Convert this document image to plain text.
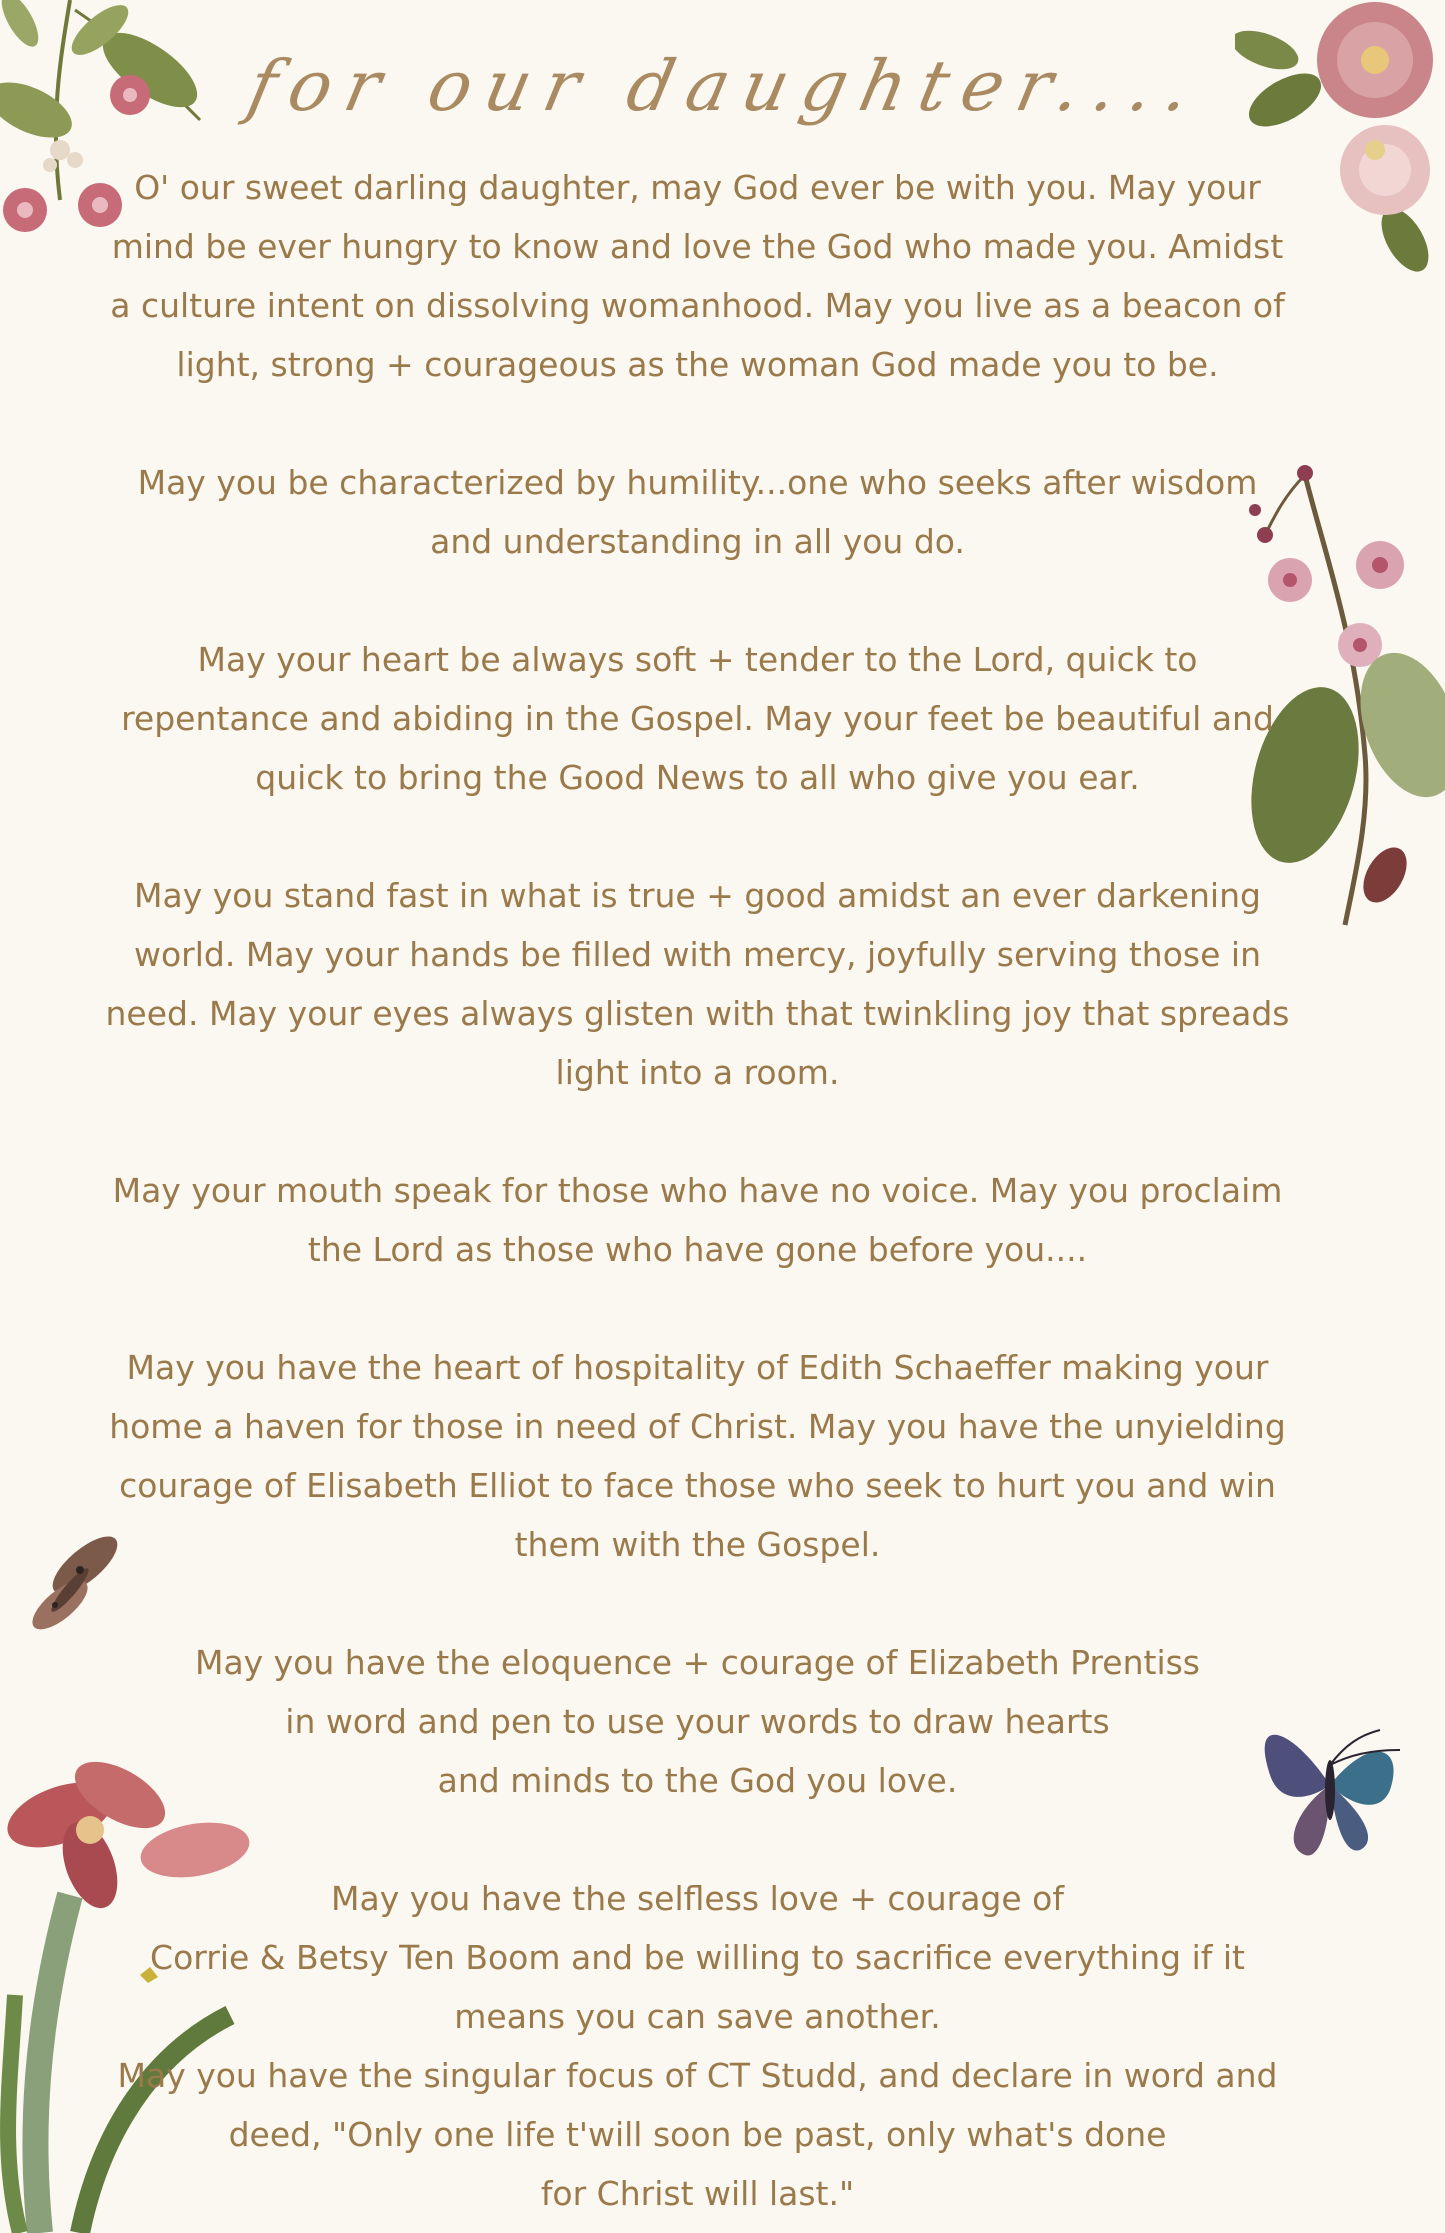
for our daughter....

O' our sweet darling daughter, may God ever be with you. May your mind be ever hungry to know and love the God who made you. Amidst a culture intent on dissolving womanhood. May you live as a beacon of light, strong + courageous as the woman God made you to be.

May you be characterized by humility...one who seeks after wisdom and understanding in all you do.

May your heart be always soft + tender to the Lord, quick to repentance and abiding in the Gospel. May your feet be beautiful and quick to bring the Good News to all who give you ear.

May you stand fast in what is true + good amidst an ever darkening world. May your hands be filled with mercy, joyfully serving those in need. May your eyes always glisten with that twinkling joy that spreads light into a room.

May your mouth speak for those who have no voice. May you proclaim the Lord as those who have gone before you....

May you have the heart of hospitality of Edith Schaeffer making your home a haven for those in need of Christ. May you have the unyielding courage of Elisabeth Elliot to face those who seek to hurt you and win them with the Gospel.

May you have the eloquence + courage of Elizabeth Prentiss
in word and pen to use your words to draw hearts
and minds to the God you love.

May you have the selfless love + courage of
Corrie & Betsy Ten Boom and be willing to sacrifice everything if it
means you can save another.

May you have the singular focus of CT Studd, and declare in word and
deed, "Only one life t'will soon be past, only what's done
for Christ will last."
